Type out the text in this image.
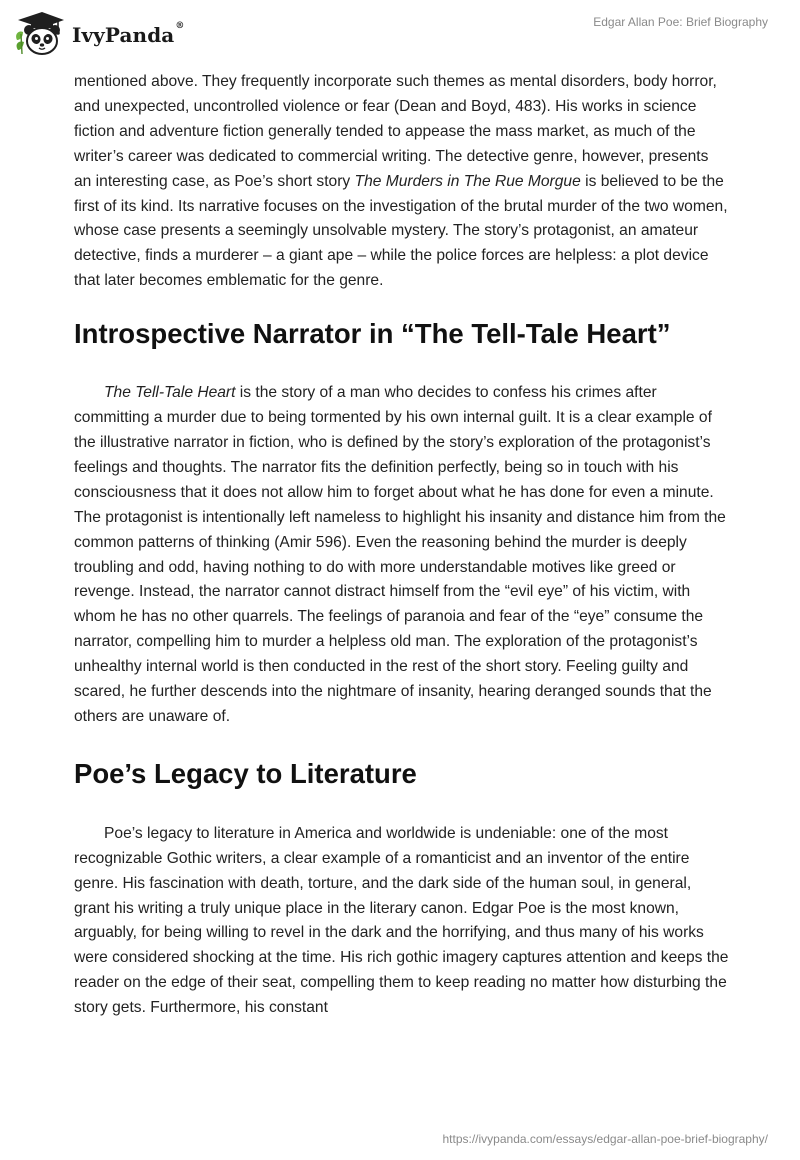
IvyPanda®	Edgar Allan Poe: Brief Biography

mentioned above. They frequently incorporate such themes as mental disorders, body horror, and unexpected, uncontrolled violence or fear (Dean and Boyd, 483). His works in science fiction and adventure fiction generally tended to appease the mass market, as much of the writer’s career was dedicated to commercial writing. The detective genre, however, presents an interesting case, as Poe’s short story The Murders in The Rue Morgue is believed to be the first of its kind. Its narrative focuses on the investigation of the brutal murder of the two women, whose case presents a seemingly unsolvable mystery. The story’s protagonist, an amateur detective, finds a murderer – a giant ape – while the police forces are helpless: a plot device that later becomes emblematic for the genre.

Introspective Narrator in “The Tell-Tale Heart”

The Tell-Tale Heart is the story of a man who decides to confess his crimes after committing a murder due to being tormented by his own internal guilt. It is a clear example of the illustrative narrator in fiction, who is defined by the story’s exploration of the protagonist’s feelings and thoughts. The narrator fits the definition perfectly, being so in touch with his consciousness that it does not allow him to forget about what he has done for even a minute. The protagonist is intentionally left nameless to highlight his insanity and distance him from the common patterns of thinking (Amir 596). Even the reasoning behind the murder is deeply troubling and odd, having nothing to do with more understandable motives like greed or revenge. Instead, the narrator cannot distract himself from the “evil eye” of his victim, with whom he has no other quarrels. The feelings of paranoia and fear of the “eye” consume the narrator, compelling him to murder a helpless old man. The exploration of the protagonist’s unhealthy internal world is then conducted in the rest of the short story. Feeling guilty and scared, he further descends into the nightmare of insanity, hearing deranged sounds that the others are unaware of.

Poe’s Legacy to Literature

Poe’s legacy to literature in America and worldwide is undeniable: one of the most recognizable Gothic writers, a clear example of a romanticist and an inventor of the entire genre. His fascination with death, torture, and the dark side of the human soul, in general, grant his writing a truly unique place in the literary canon. Edgar Poe is the most known, arguably, for being willing to revel in the dark and the horrifying, and thus many of his works were considered shocking at the time. His rich gothic imagery captures attention and keeps the reader on the edge of their seat, compelling them to keep reading no matter how disturbing the story gets. Furthermore, his constant

https://ivypanda.com/essays/edgar-allan-poe-brief-biography/
